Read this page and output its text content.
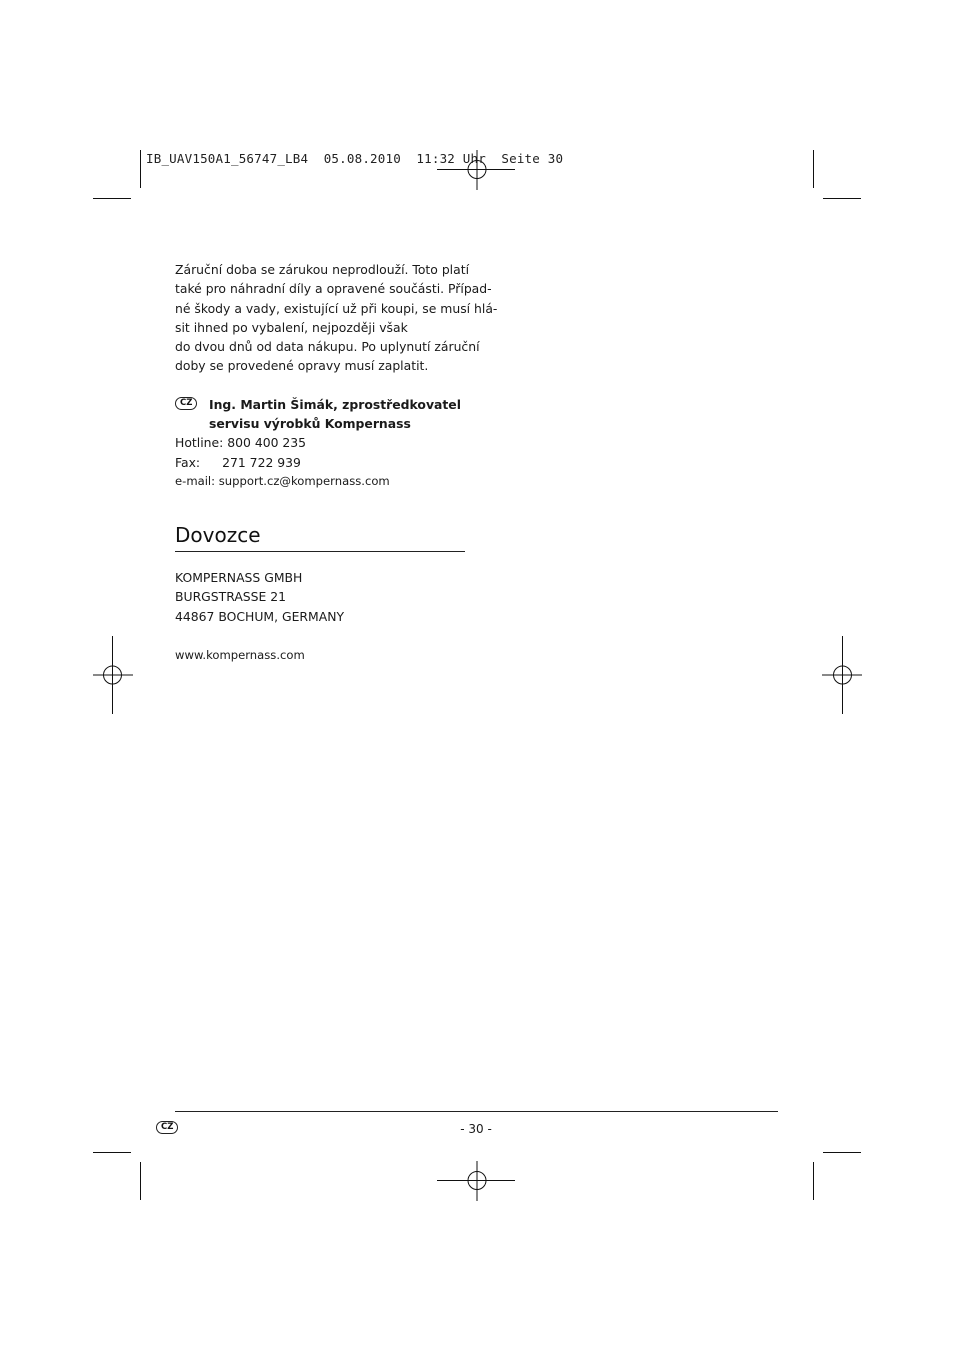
IB_UAV150A1_56747_LB4  05.08.2010  11:32 Uhr  Seite 30
Záruční doba se zárukou neprodlouží. Toto platí
také pro náhradní díly a opravené součásti. Případ-
né škody a vady, existující už při koupi, se musí hlá-
sit ihned po vybalení, nejpozději však
do dvou dnů od data nákupu. Po uplynutí záruční
doby se provedené opravy musí zaplatit.
CZ	Ing. Martin Šimák, zprostředkovatel
servisu výrobků Kompernass
Hotline: 800 400 235
Fax: 271 722 939
e-mail: support.cz@kompernass.com
Dovozce
KOMPERNASS GMBH
BURGSTRASSE 21
44867 BOCHUM, GERMANY
www.kompernass.com
CZ	- 30 -
